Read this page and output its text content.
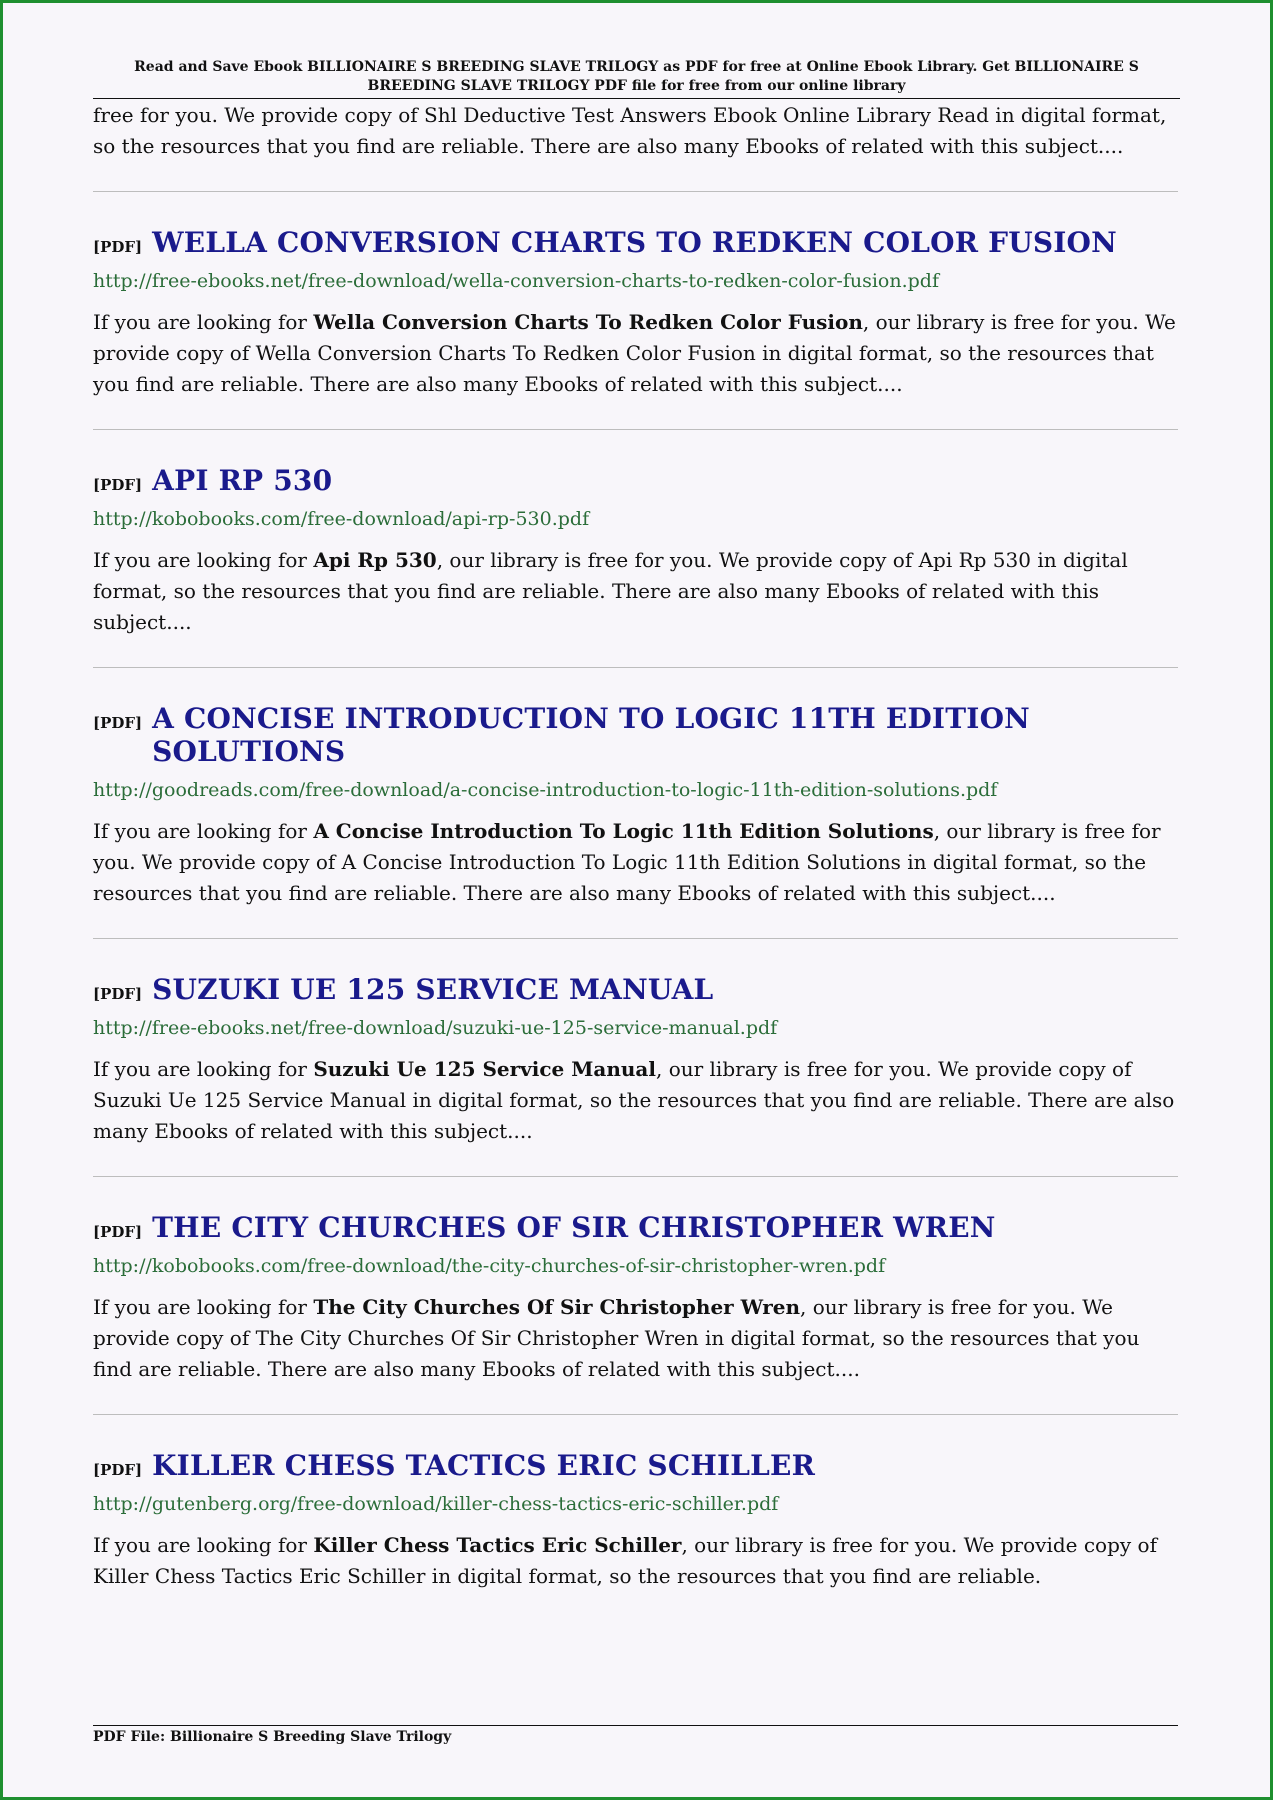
Read and Save Ebook BILLIONAIRE S BREEDING SLAVE TRILOGY as PDF for free at Online Ebook Library. Get BILLIONAIRE S BREEDING SLAVE TRILOGY PDF file for free from our online library

free for you. We provide copy of Shl Deductive Test Answers Ebook Online Library Read in digital format, so the resources that you find are reliable. There are also many Ebooks of related with this subject....

[PDF] WELLA CONVERSION CHARTS TO REDKEN COLOR FUSION
http://free-ebooks.net/free-download/wella-conversion-charts-to-redken-color-fusion.pdf

If you are looking for Wella Conversion Charts To Redken Color Fusion, our library is free for you. We provide copy of Wella Conversion Charts To Redken Color Fusion in digital format, so the resources that you find are reliable. There are also many Ebooks of related with this subject....

[PDF] API RP 530
http://kobobooks.com/free-download/api-rp-530.pdf

If you are looking for Api Rp 530, our library is free for you. We provide copy of Api Rp 530 in digital format, so the resources that you find are reliable. There are also many Ebooks of related with this subject....

[PDF] A CONCISE INTRODUCTION TO LOGIC 11TH EDITION SOLUTIONS
http://goodreads.com/free-download/a-concise-introduction-to-logic-11th-edition-solutions.pdf

If you are looking for A Concise Introduction To Logic 11th Edition Solutions, our library is free for you. We provide copy of A Concise Introduction To Logic 11th Edition Solutions in digital format, so the resources that you find are reliable. There are also many Ebooks of related with this subject....

[PDF] SUZUKI UE 125 SERVICE MANUAL
http://free-ebooks.net/free-download/suzuki-ue-125-service-manual.pdf

If you are looking for Suzuki Ue 125 Service Manual, our library is free for you. We provide copy of Suzuki Ue 125 Service Manual in digital format, so the resources that you find are reliable. There are also many Ebooks of related with this subject....

[PDF] THE CITY CHURCHES OF SIR CHRISTOPHER WREN
http://kobobooks.com/free-download/the-city-churches-of-sir-christopher-wren.pdf

If you are looking for The City Churches Of Sir Christopher Wren, our library is free for you. We provide copy of The City Churches Of Sir Christopher Wren in digital format, so the resources that you find are reliable. There are also many Ebooks of related with this subject....

[PDF] KILLER CHESS TACTICS ERIC SCHILLER
http://gutenberg.org/free-download/killer-chess-tactics-eric-schiller.pdf

If you are looking for Killer Chess Tactics Eric Schiller, our library is free for you. We provide copy of Killer Chess Tactics Eric Schiller in digital format, so the resources that you find are reliable.

PDF File: Billionaire S Breeding Slave Trilogy
